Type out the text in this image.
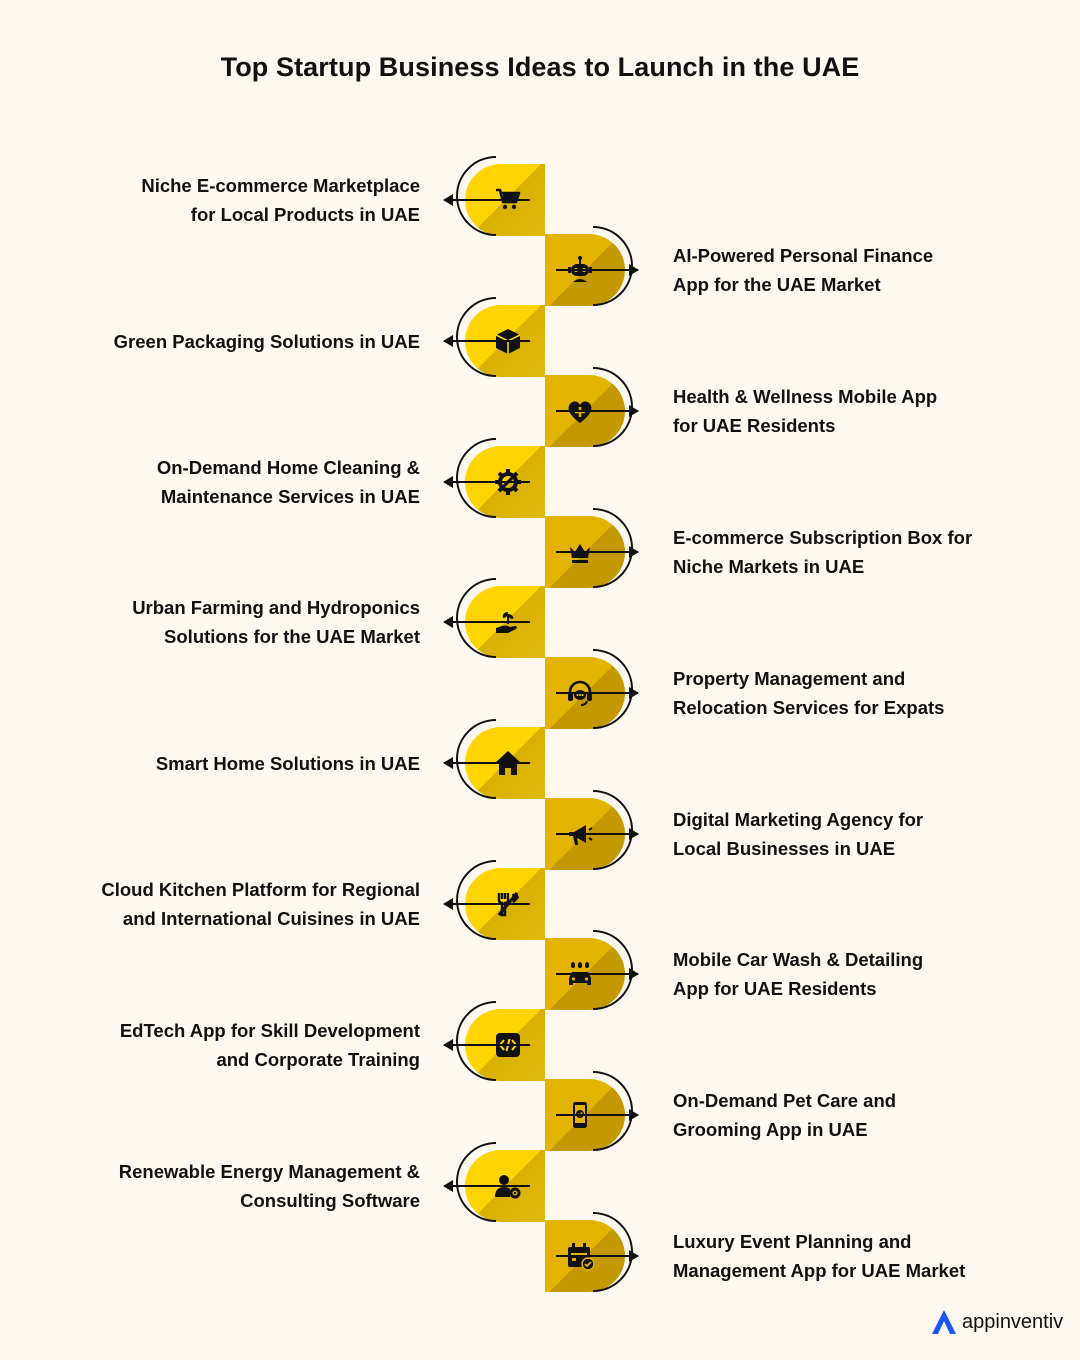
Top Startup Business Ideas to Launch in the UAE
Niche E-commerce Marketplace
for Local Products in UAE
AI-Powered Personal Finance
App for the UAE Market
Green Packaging Solutions in UAE
Health & Wellness Mobile App
for UAE Residents
On-Demand Home Cleaning &
Maintenance Services in UAE
E-commerce Subscription Box for
Niche Markets in UAE
Urban Farming and Hydroponics
Solutions for the UAE Market
Property Management and
Relocation Services for Expats
Smart Home Solutions in UAE
Digital Marketing Agency for
Local Businesses in UAE
Cloud Kitchen Platform for Regional
and International Cuisines in UAE
Mobile Car Wash & Detailing
App for UAE Residents
EdTech App for Skill Development
and Corporate Training
On-Demand Pet Care and
Grooming App in UAE
Renewable Energy Management &
Consulting Software
Luxury Event Planning and
Management App for UAE Market
appinventiv
